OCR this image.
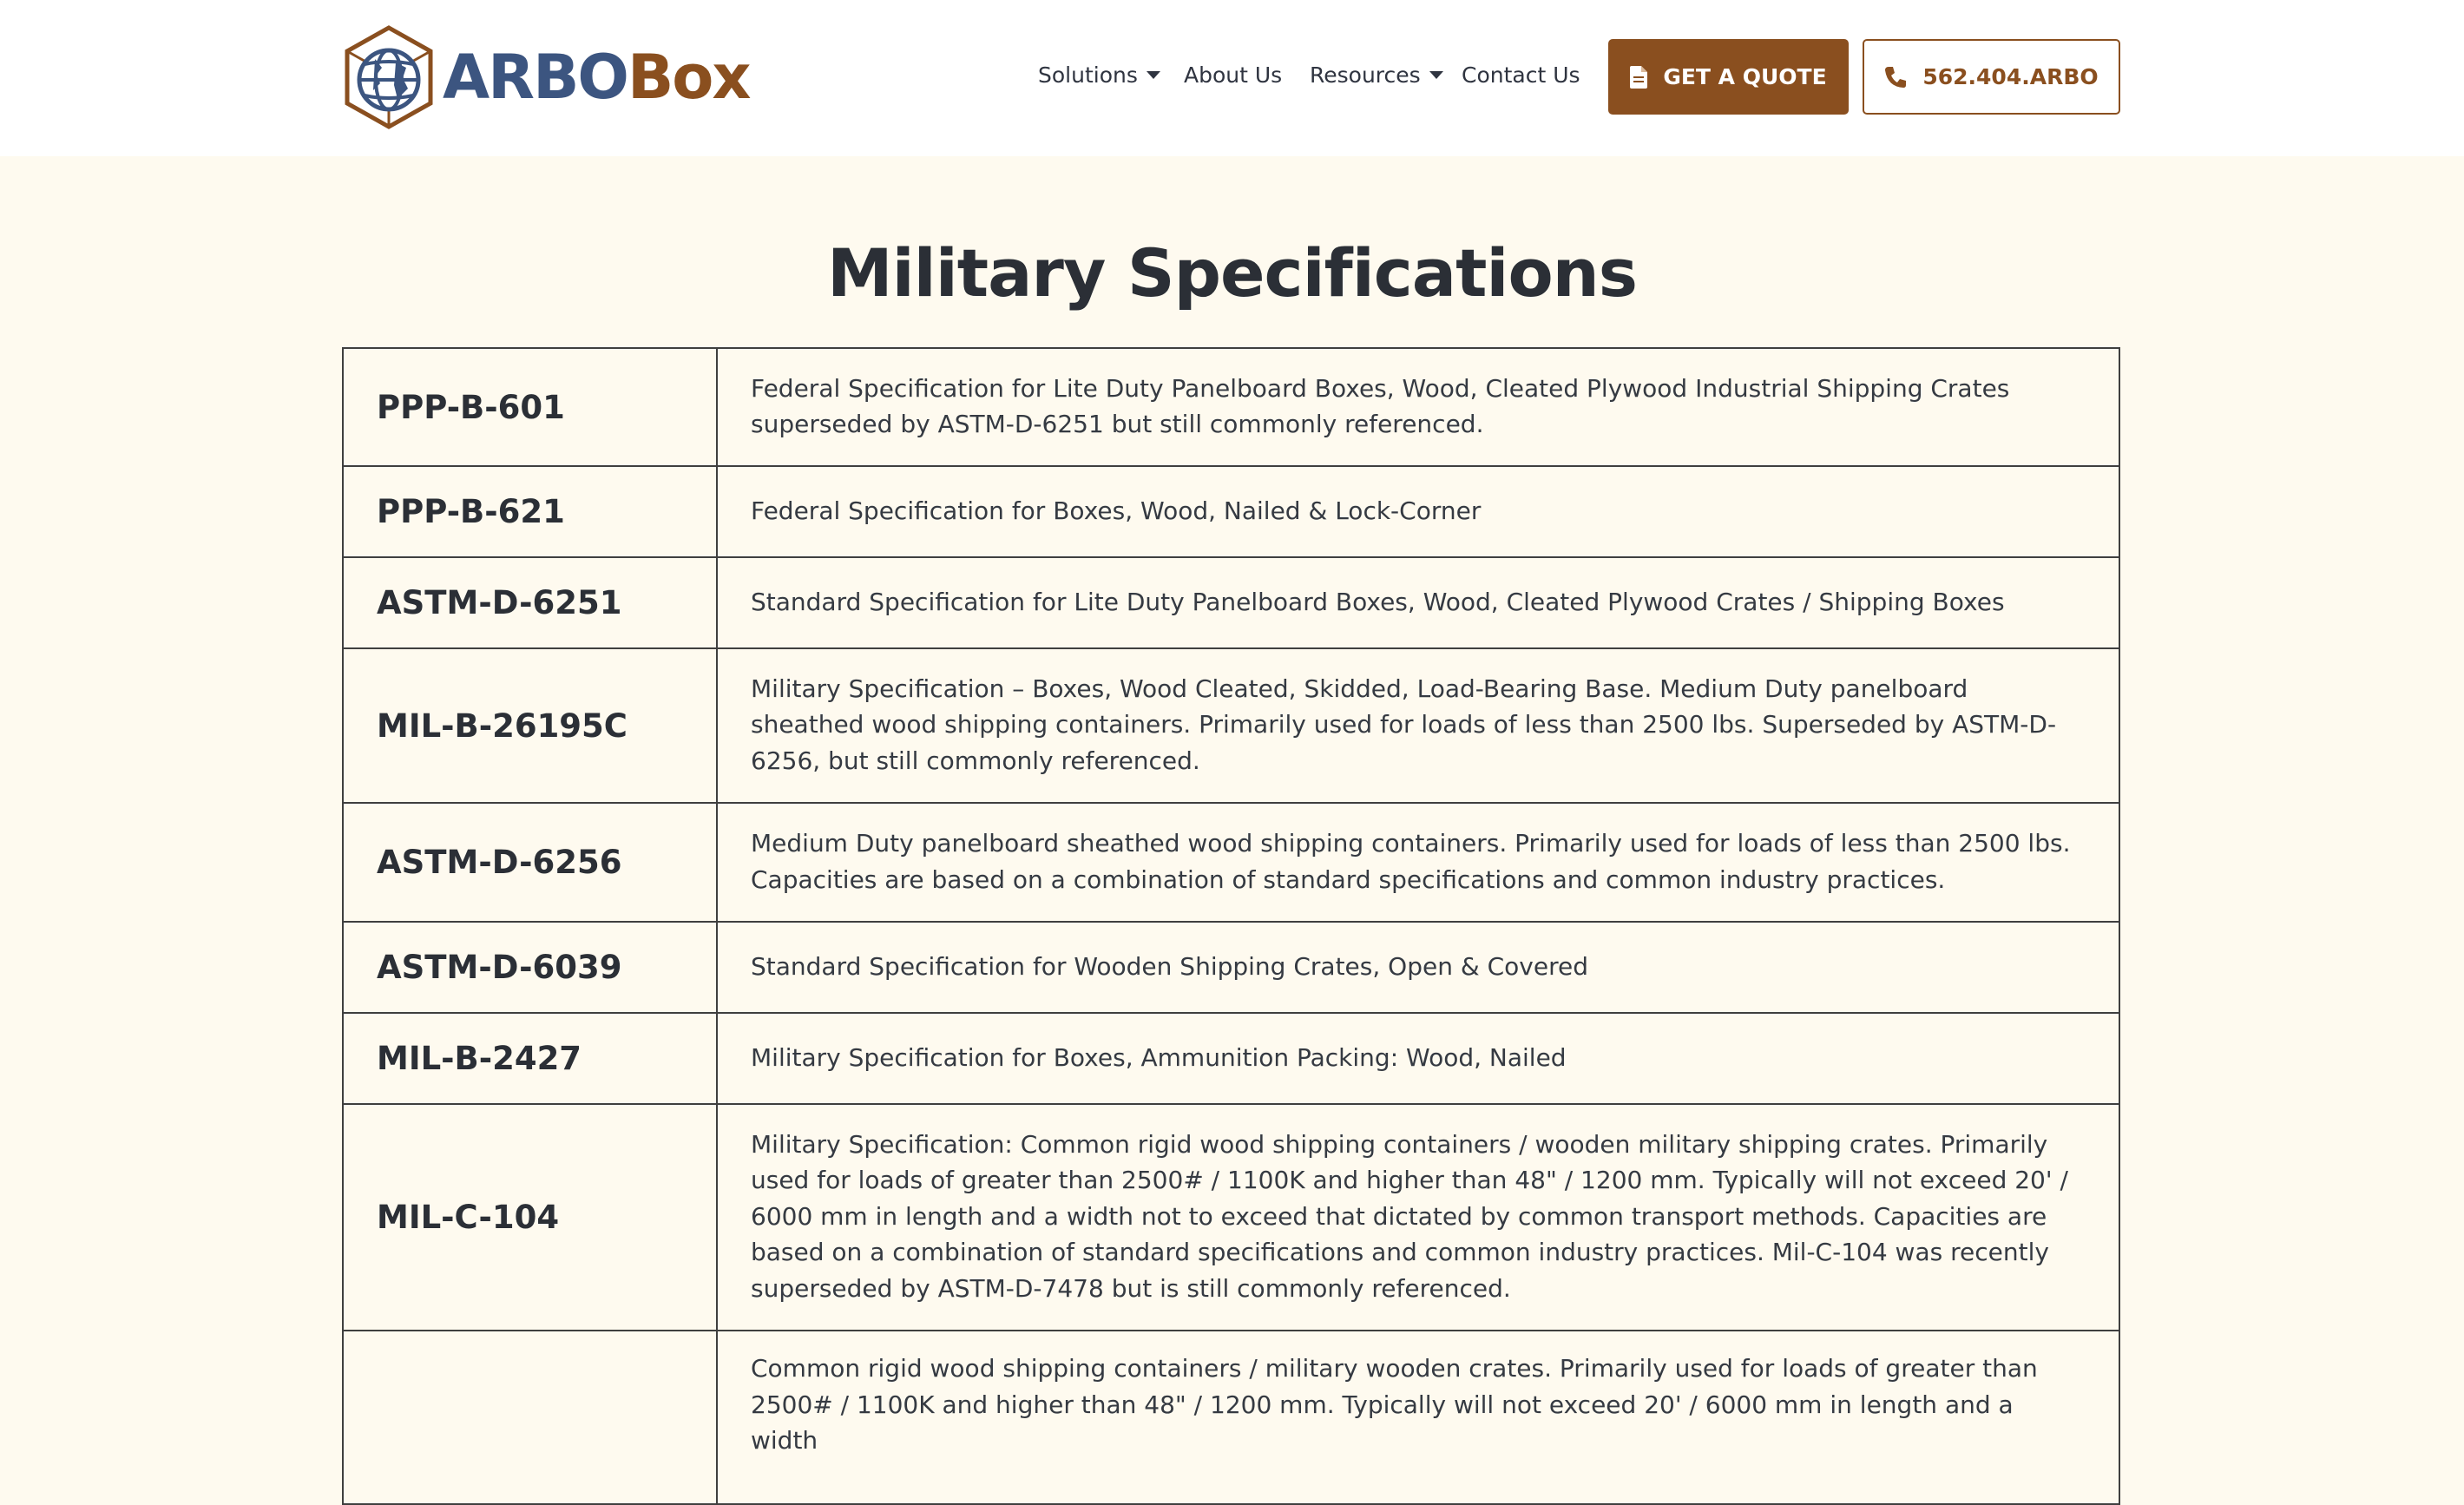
ARBOBox	Solutions	About Us Resources	Contact Us	GET A QUOTE	562.404.ARBO
Military Specifications
PPP-B-601	Federal Specification for Lite Duty Panelboard Boxes, Wood, Cleated Plywood Industrial Shipping Crates superseded by ASTM-D-6251 but still commonly referenced.
PPP-B-621	Federal Specification for Boxes, Wood, Nailed & Lock-Corner
ASTM-D-6251	Standard Specification for Lite Duty Panelboard Boxes, Wood, Cleated Plywood Crates / Shipping Boxes
MIL-B-26195C	Military Specification – Boxes, Wood Cleated, Skidded, Load-Bearing Base. Medium Duty panelboard sheathed wood shipping containers. Primarily used for loads of less than 2500 lbs. Superseded by ASTM-D-6256, but still commonly referenced.
ASTM-D-6256	Medium Duty panelboard sheathed wood shipping containers. Primarily used for loads of less than 2500 lbs. Capacities are based on a combination of standard specifications and common industry practices.
ASTM-D-6039	Standard Specification for Wooden Shipping Crates, Open & Covered
MIL-B-2427	Military Specification for Boxes, Ammunition Packing: Wood, Nailed
MIL-C-104	Military Specification: Common rigid wood shipping containers / wooden military shipping crates. Primarily used for loads of greater than 2500# / 1100K and higher than 48" / 1200 mm. Typically will not exceed 20' / 6000 mm in length and a width not to exceed that dictated by common transport methods. Capacities are based on a combination of standard specifications and common industry practices. Mil-C-104 was recently superseded by ASTM-D-7478 but is still commonly referenced.
	Common rigid wood shipping containers / military wooden crates. Primarily used for loads of greater than 2500# / 1100K and higher than 48" / 1200 mm. Typically will not exceed 20' / 6000 mm in length and a width
